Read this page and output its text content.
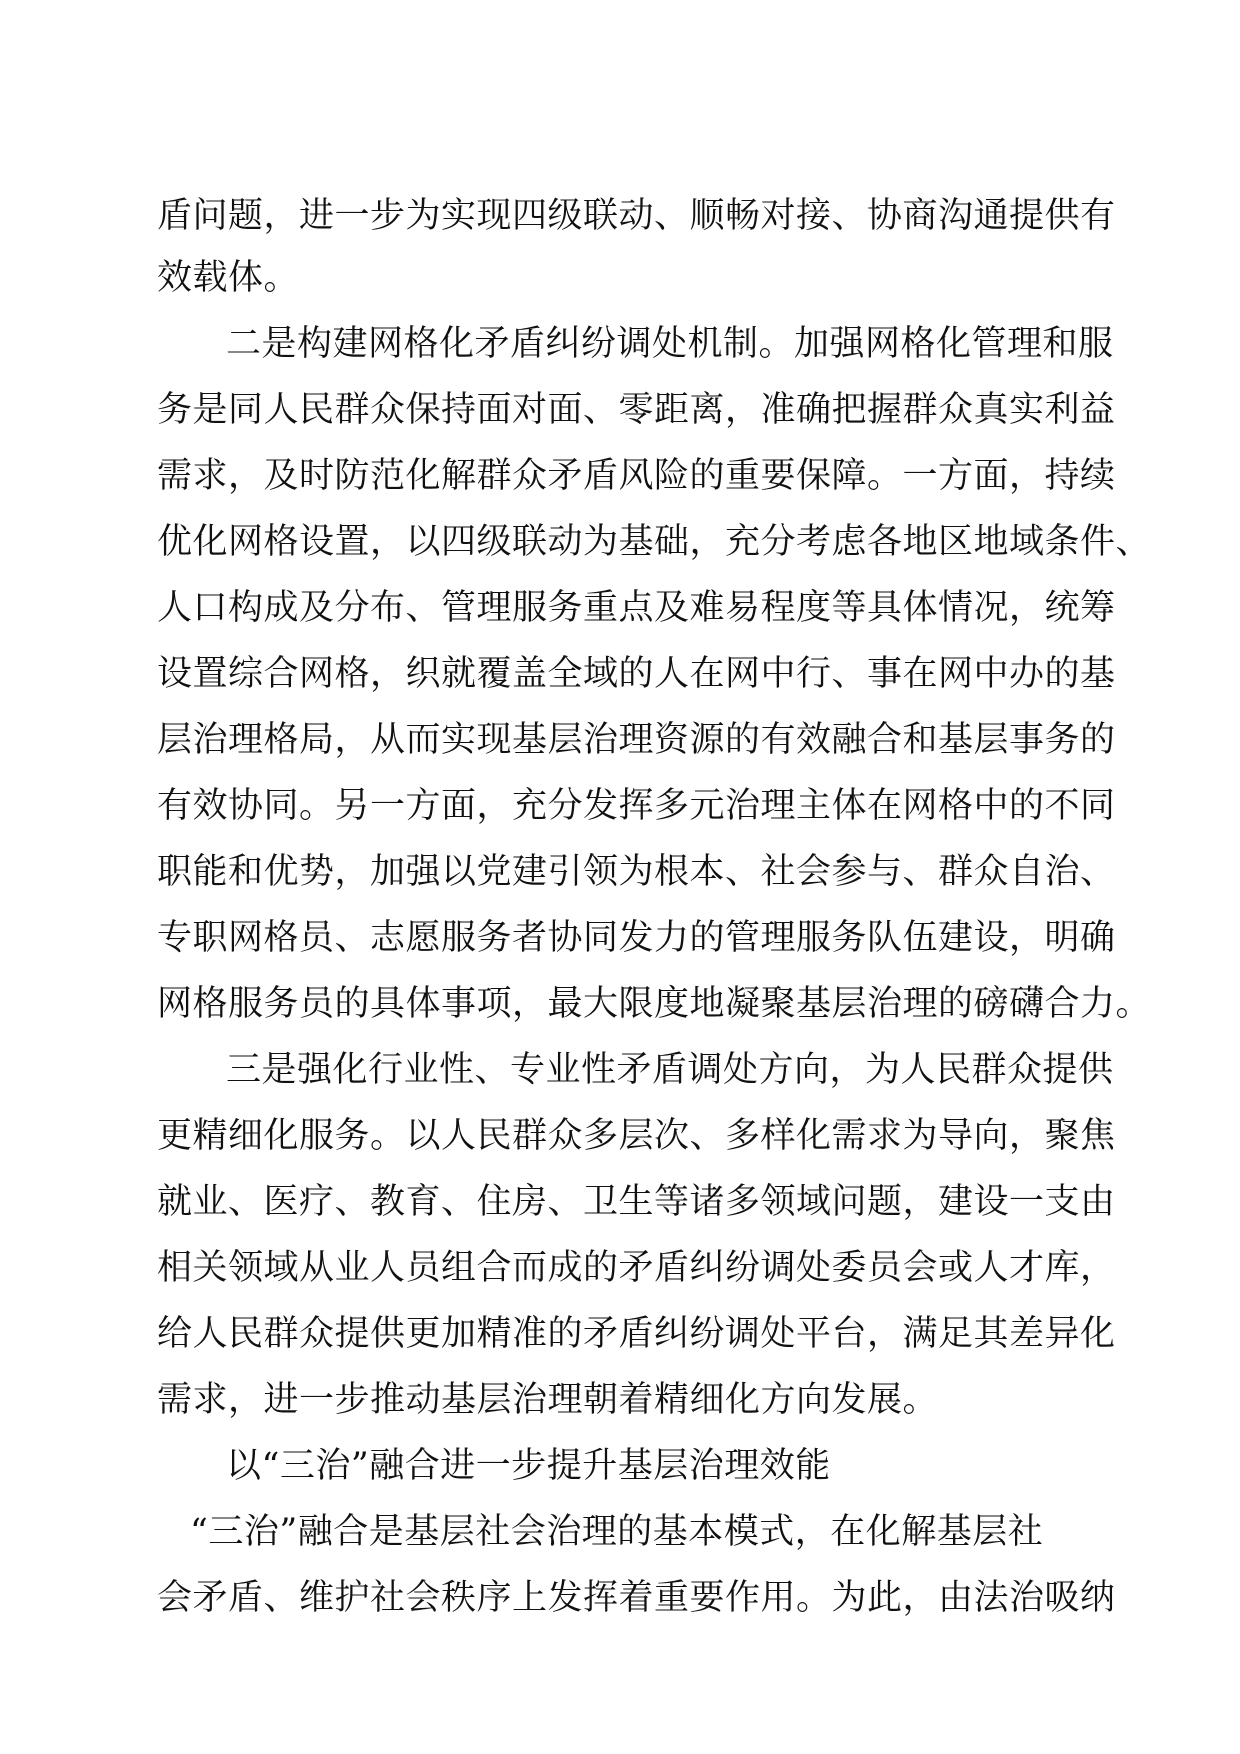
盾问题，进一步为实现四级联动、顺畅对接、协商沟通提供有
效载体。
二是构建网格化矛盾纠纷调处机制。加强网格化管理和服
务是同人民群众保持面对面、零距离，准确把握群众真实利益
需求，及时防范化解群众矛盾风险的重要保障。一方面，持续
优化网格设置，以四级联动为基础，充分考虑各地区地域条件、
人口构成及分布、管理服务重点及难易程度等具体情况，统筹
设置综合网格，织就覆盖全域的人在网中行、事在网中办的基
层治理格局，从而实现基层治理资源的有效融合和基层事务的
有效协同。另一方面，充分发挥多元治理主体在网格中的不同
职能和优势，加强以党建引领为根本、社会参与、群众自治、
专职网格员、志愿服务者协同发力的管理服务队伍建设，明确
网格服务员的具体事项，最大限度地凝聚基层治理的磅礴合力。
三是强化行业性、专业性矛盾调处方向，为人民群众提供
更精细化服务。以人民群众多层次、多样化需求为导向，聚焦
就业、医疗、教育、住房、卫生等诸多领域问题，建设一支由
相关领域从业人员组合而成的矛盾纠纷调处委员会或人才库，
给人民群众提供更加精准的矛盾纠纷调处平台，满足其差异化
需求，进一步推动基层治理朝着精细化方向发展。
以“三治”融合进一步提升基层治理效能
“三治”融合是基层社会治理的基本模式，在化解基层社
会矛盾、维护社会秩序上发挥着重要作用。为此，由法治吸纳
